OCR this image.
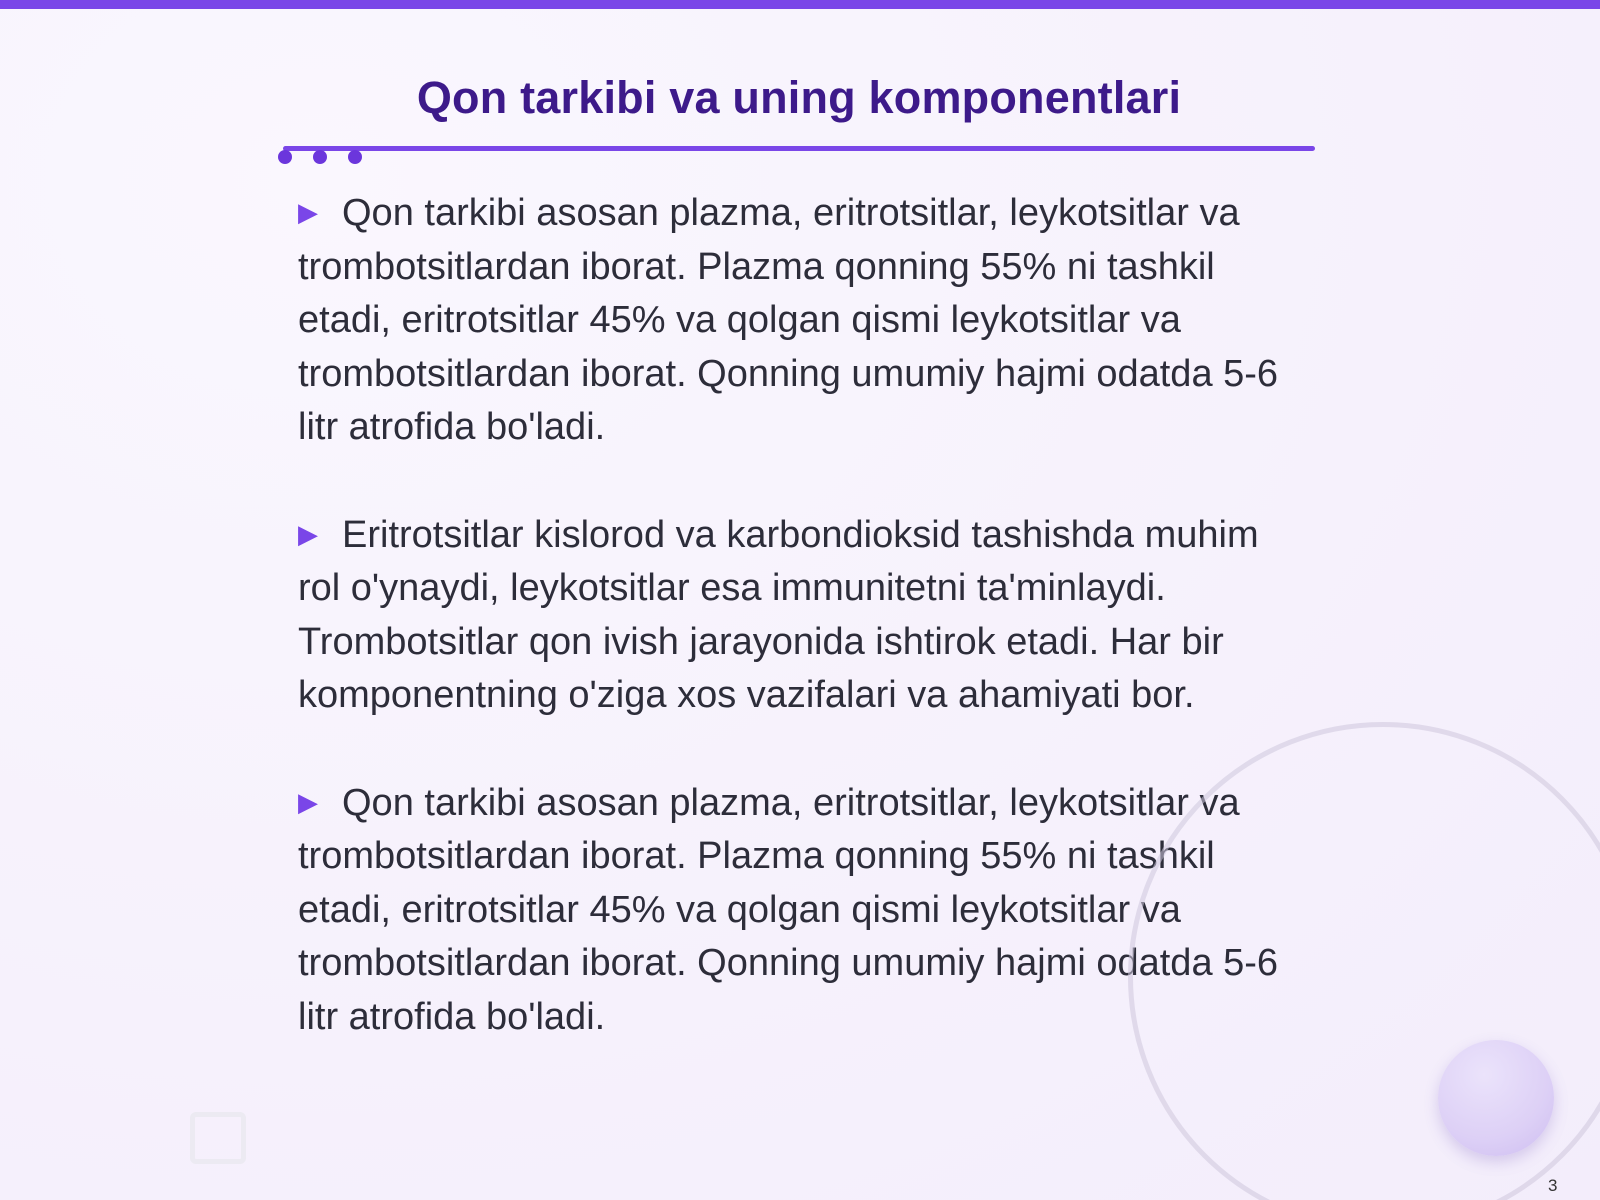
Qon tarkibi va uning komponentlari
▶ Qon tarkibi asosan plazma, eritrotsitlar, leykotsitlar va trombotsitlardan iborat. Plazma qonning 55% ni tashkil etadi, eritrotsitlar 45% va qolgan qismi leykotsitlar va trombotsitlardan iborat. Qonning umumiy hajmi odatda 5-6 litr atrofida bo'ladi.
▶ Eritrotsitlar kislorod va karbondioksid tashishda muhim rol o'ynaydi, leykotsitlar esa immunitetni ta'minlaydi. Trombotsitlar qon ivish jarayonida ishtirok etadi. Har bir komponentning o'ziga xos vazifalari va ahamiyati bor.
▶ Qon tarkibi asosan plazma, eritrotsitlar, leykotsitlar va trombotsitlardan iborat. Plazma qonning 55% ni tashkil etadi, eritrotsitlar 45% va qolgan qismi leykotsitlar va trombotsitlardan iborat. Qonning umumiy hajmi odatda 5-6 litr atrofida bo'ladi.
3
